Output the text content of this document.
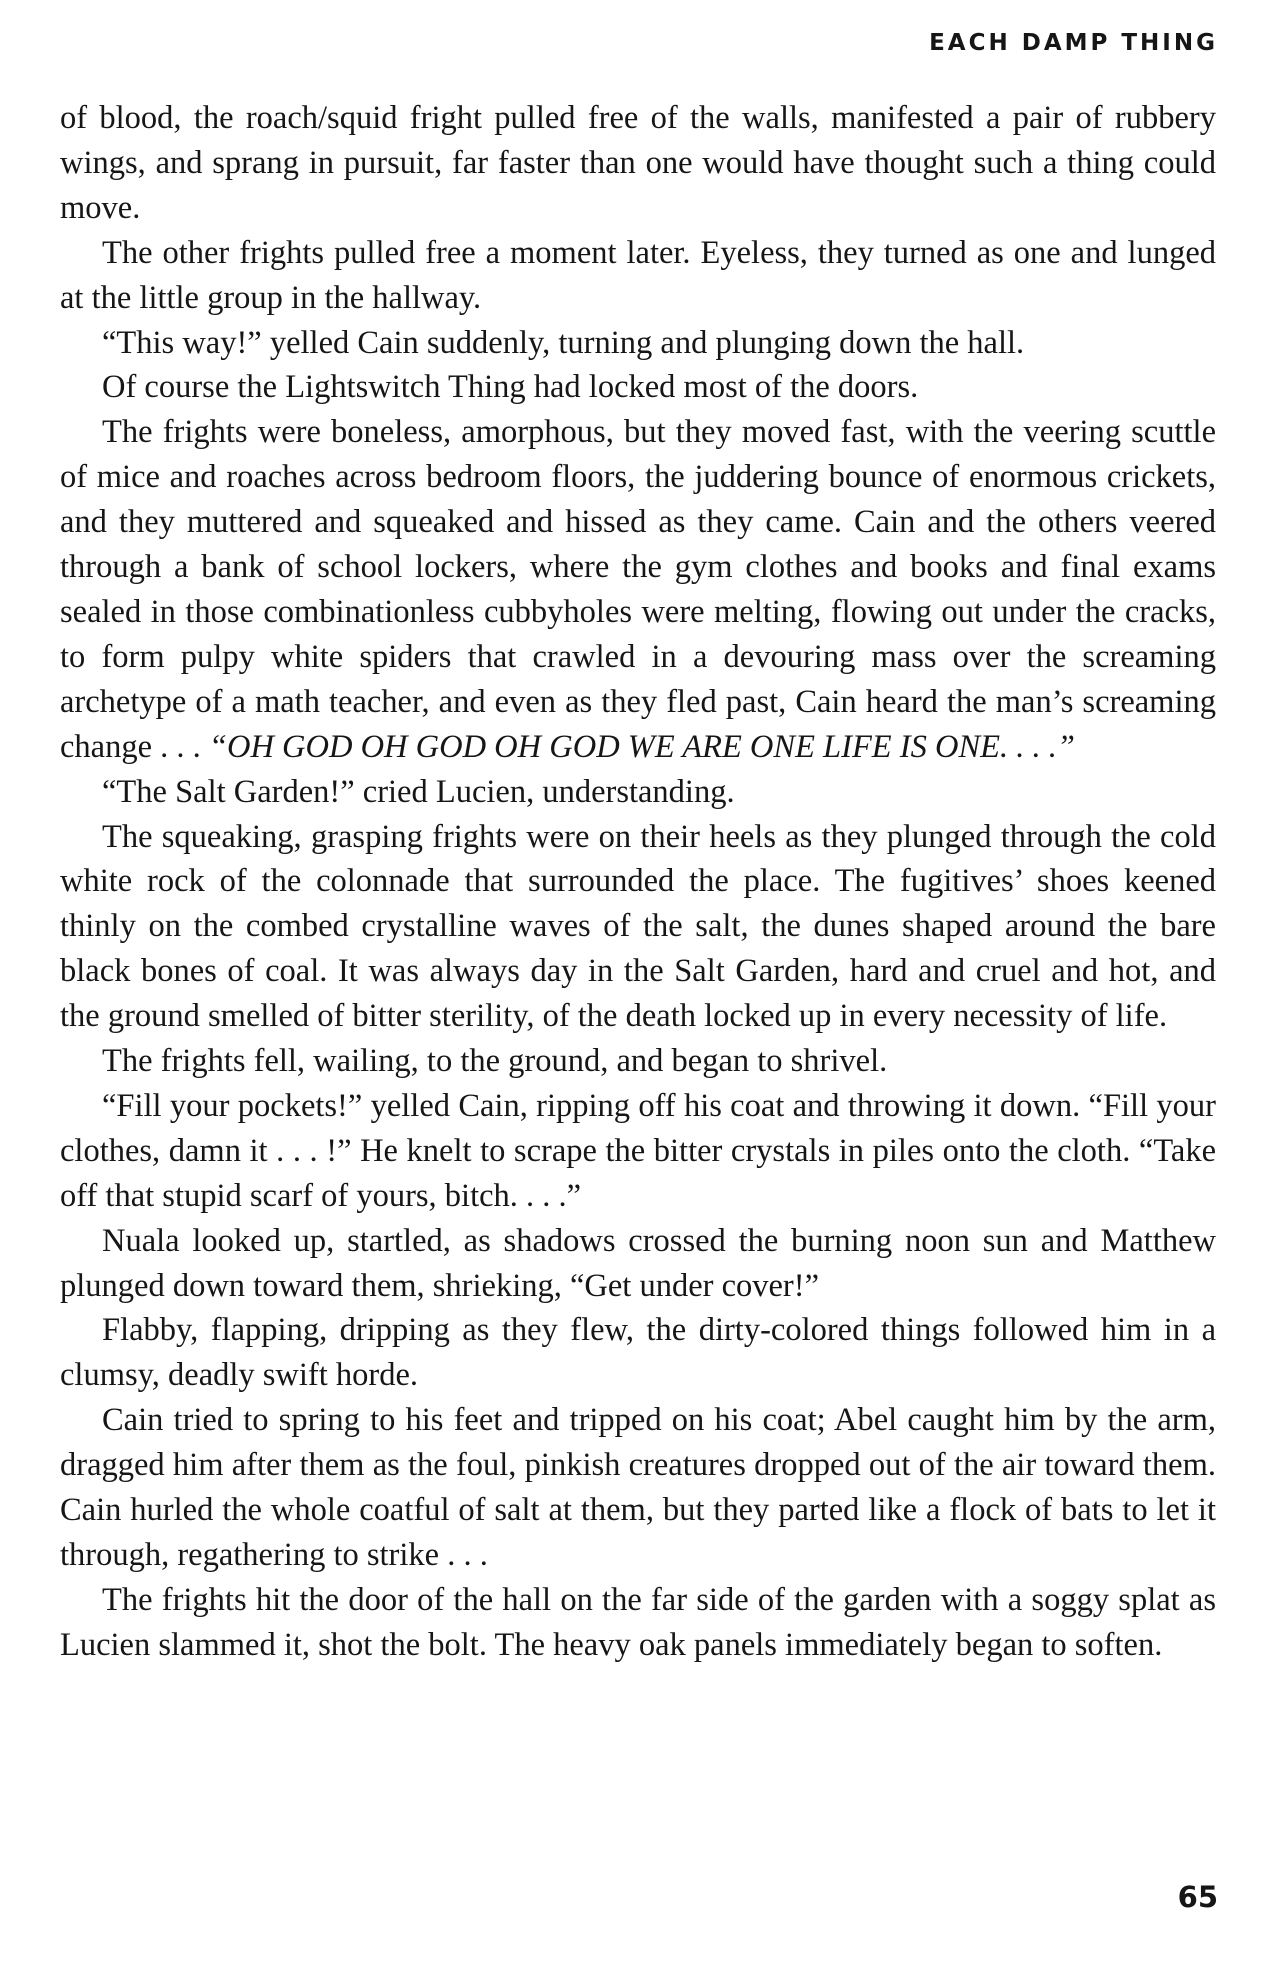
EACH DAMP THING

of blood, the roach/squid fright pulled free of the walls, manifested a pair of rubbery wings, and sprang in pursuit, far faster than one would have thought such a thing could move.

The other frights pulled free a moment later. Eyeless, they turned as one and lunged at the little group in the hallway.

“This way!” yelled Cain suddenly, turning and plunging down the hall.

Of course the Lightswitch Thing had locked most of the doors.

The frights were boneless, amorphous, but they moved fast, with the veering scuttle of mice and roaches across bedroom floors, the juddering bounce of enormous crickets, and they muttered and squeaked and hissed as they came. Cain and the others veered through a bank of school lockers, where the gym clothes and books and final exams sealed in those combinationless cubbyholes were melting, flowing out under the cracks, to form pulpy white spiders that crawled in a devouring mass over the screaming archetype of a math teacher, and even as they fled past, Cain heard the man’s screaming change . . . “OH GOD OH GOD OH GOD WE ARE ONE LIFE IS ONE. . . .”

“The Salt Garden!” cried Lucien, understanding.

The squeaking, grasping frights were on their heels as they plunged through the cold white rock of the colonnade that surrounded the place. The fugitives’ shoes keened thinly on the combed crystalline waves of the salt, the dunes shaped around the bare black bones of coal. It was always day in the Salt Garden, hard and cruel and hot, and the ground smelled of bitter sterility, of the death locked up in every necessity of life.

The frights fell, wailing, to the ground, and began to shrivel.

“Fill your pockets!” yelled Cain, ripping off his coat and throwing it down. “Fill your clothes, damn it . . . !” He knelt to scrape the bitter crystals in piles onto the cloth. “Take off that stupid scarf of yours, bitch. . . .”

Nuala looked up, startled, as shadows crossed the burning noon sun and Matthew plunged down toward them, shrieking, “Get under cover!”

Flabby, flapping, dripping as they flew, the dirty-colored things followed him in a clumsy, deadly swift horde.

Cain tried to spring to his feet and tripped on his coat; Abel caught him by the arm, dragged him after them as the foul, pinkish creatures dropped out of the air toward them. Cain hurled the whole coatful of salt at them, but they parted like a flock of bats to let it through, regathering to strike . . .

The frights hit the door of the hall on the far side of the garden with a soggy splat as Lucien slammed it, shot the bolt. The heavy oak panels immediately began to soften.

65
